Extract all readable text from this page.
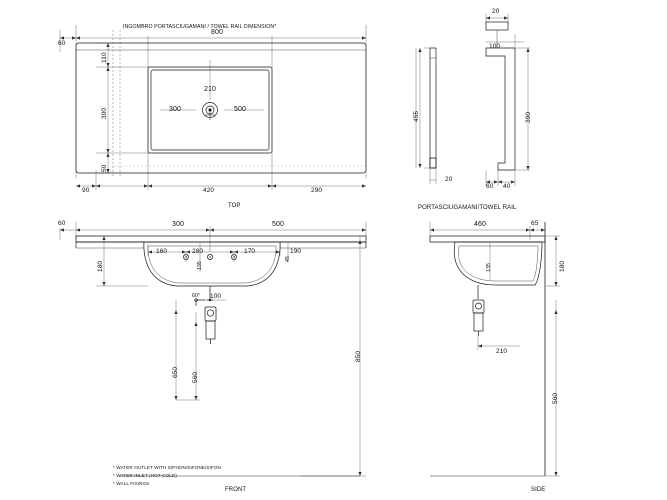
INGOMBRO PORTASCIUGAMANI / TOWEL RAIL DIMENSION*
800
60
110
300
50
300	500
210
90	420	290
TOP
20
100
455	390
20
60 40
PORTASCIUGAMANI/TOWEL RAIL
60	300	500
180
160	280	170	190
135
45
60° 100
850
650 560
FRONT
460	65
180
135
210
560
SIDE
* WATER OUTLET WITH SIPHON/SIFONE/SIFON
* WATER INLET (HOT-COLD)
* WALL FIXINGS
